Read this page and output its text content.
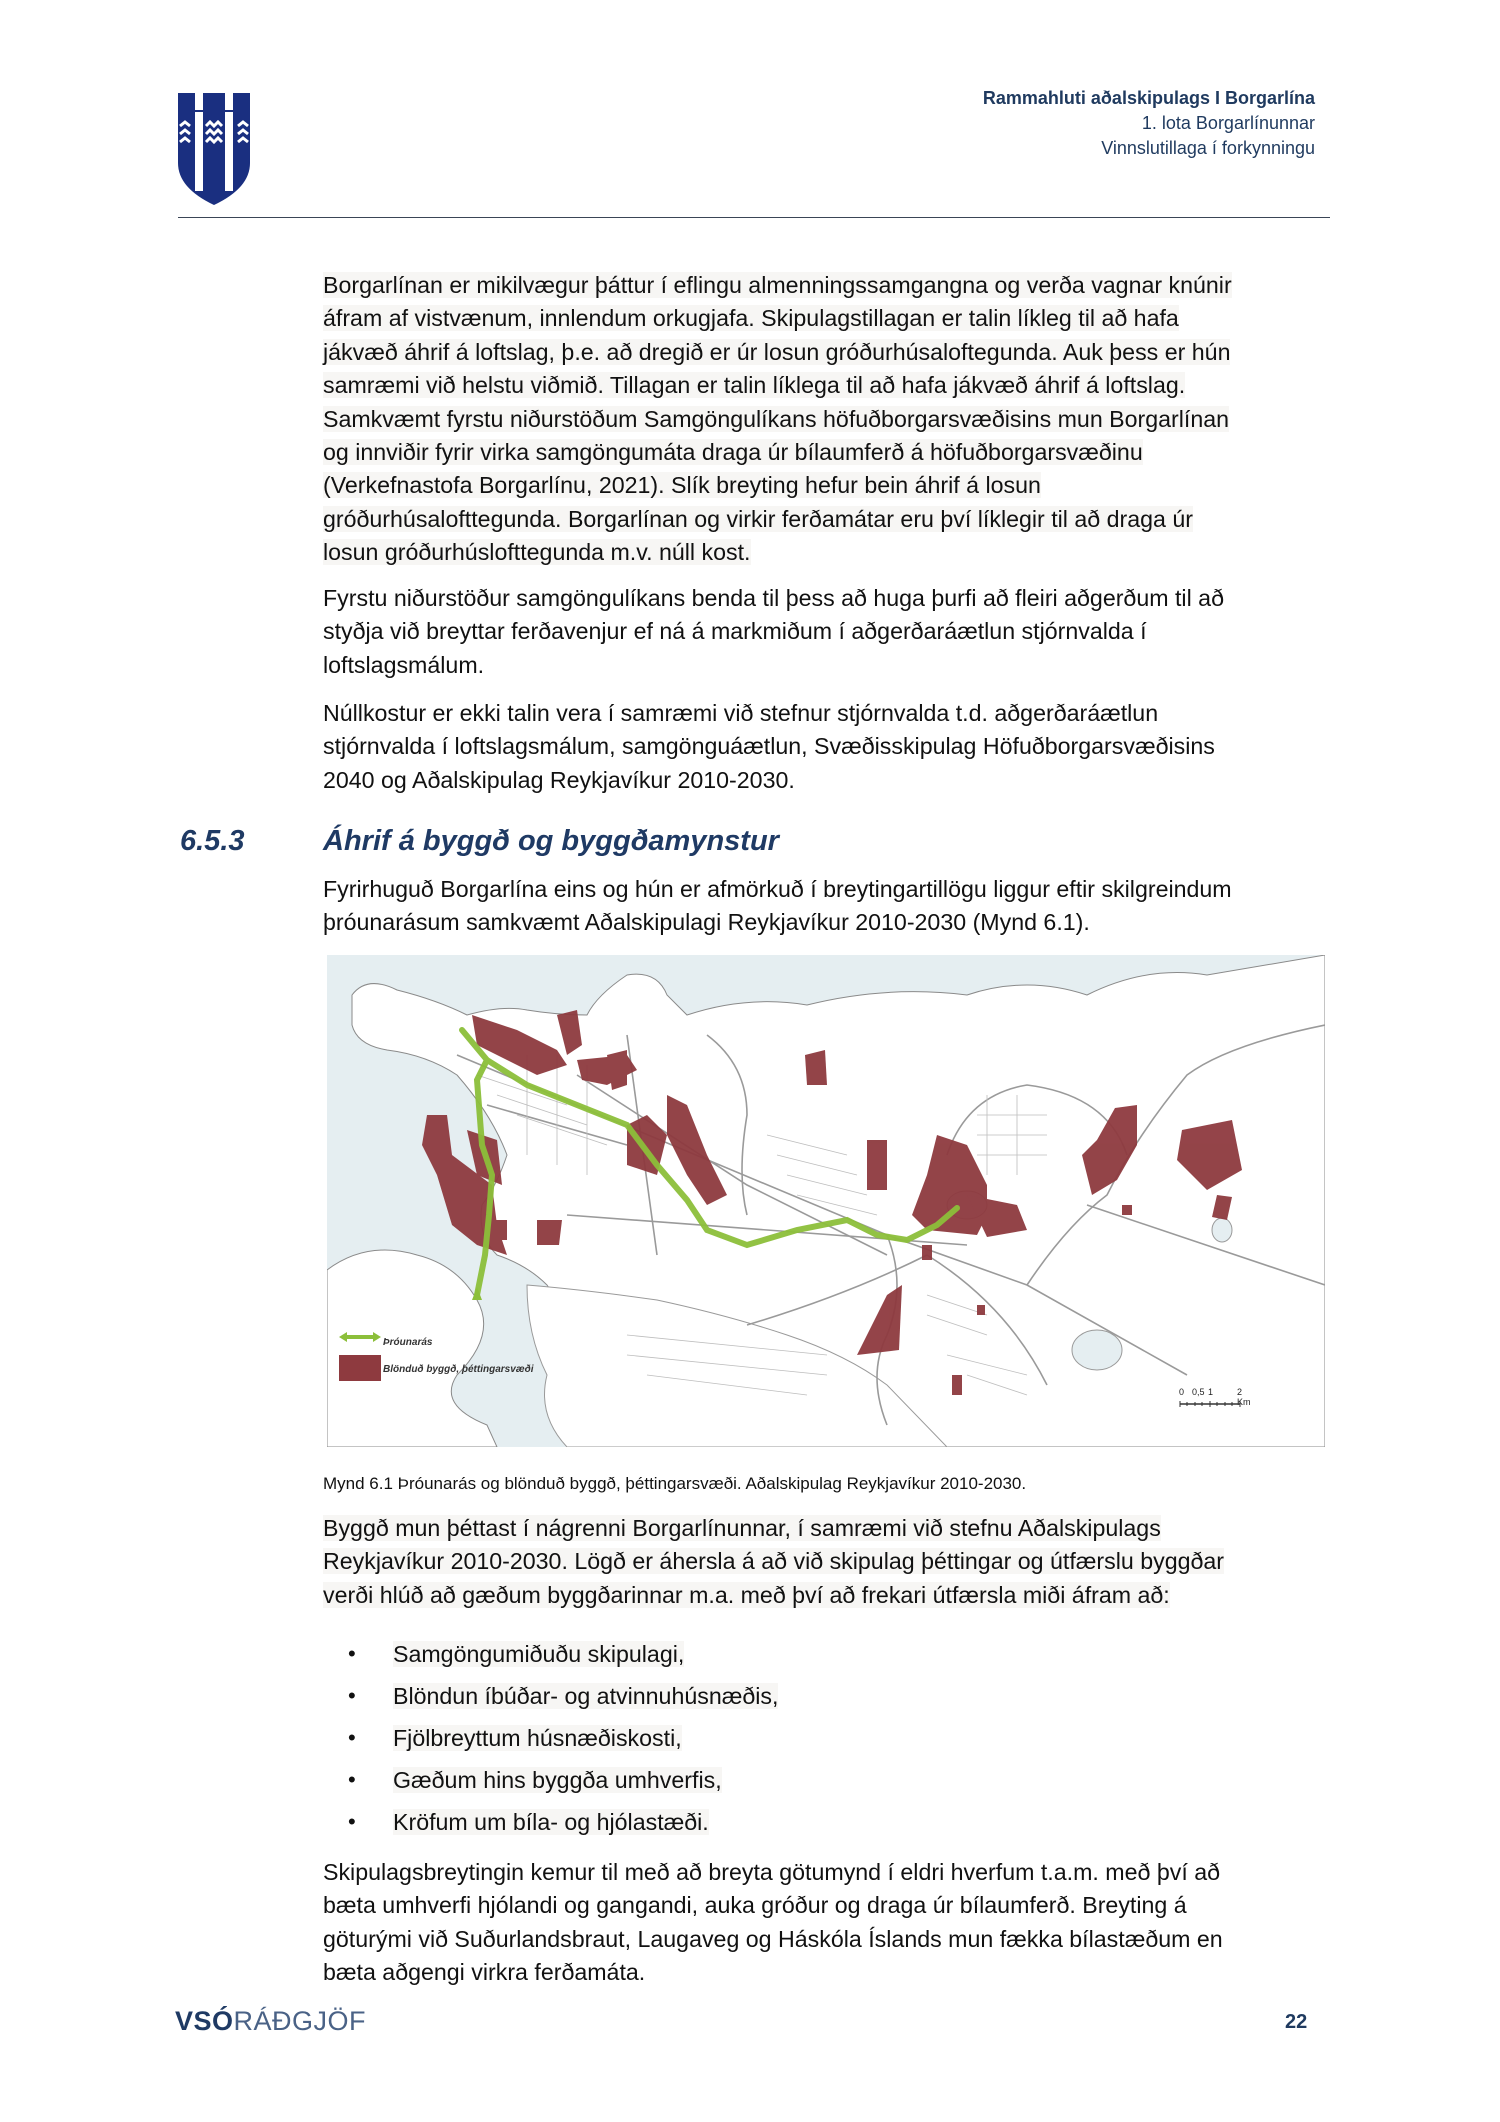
Rammahluti aðalskipulags I Borgarlína
1. lota Borgarlínunnar
Vinnslutillaga í forkynningu

Borgarlínan er mikilvægur þáttur í eflingu almenningssamgangna og verða vagnar knúnir

áfram af vistvænum, innlendum orkugjafa. Skipulagstillagan er talin líkleg til að hafa

jákvæð áhrif á loftslag, þ.e. að dregið er úr losun gróðurhúsaloftegunda. Auk þess er hún

samræmi við helstu viðmið. Tillagan er talin líklega til að hafa jákvæð áhrif á loftslag.

Samkvæmt fyrstu niðurstöðum Samgöngulíkans höfuðborgarsvæðisins mun Borgarlínan

og innviðir fyrir virka samgöngumáta draga úr bílaumferð á höfuðborgarsvæðinu

(Verkefnastofa Borgarlínu, 2021). Slík breyting hefur bein áhrif á losun

gróðurhúsalofttegunda. Borgarlínan og virkir ferðamátar eru því líklegir til að draga úr

losun gróðurhúslofttegunda m.v. núll kost.

Fyrstu niðurstöður samgöngulíkans benda til þess að huga þurfi að fleiri aðgerðum til að

styðja við breyttar ferðavenjur ef ná á markmiðum í aðgerðaráætlun stjórnvalda í

loftslagsmálum.

Núllkostur er ekki talin vera í samræmi við stefnur stjórnvalda t.d. aðgerðaráætlun

stjórnvalda í loftslagsmálum, samgönguáætlun, Svæðisskipulag Höfuðborgarsvæðisins

2040 og Aðalskipulag Reykjavíkur 2010-2030.

6.5.3	Áhrif á byggð og byggðamynstur

Fyrirhuguð Borgarlína eins og hún er afmörkuð í breytingartillögu liggur eftir skilgreindum

þróunarásum samkvæmt Aðalskipulagi Reykjavíkur 2010-2030 (Mynd 6.1).

Þróunarás
Blönduð byggð, þéttingarsvæði
0 0,5 1	2 Km
Mynd 6.1 Þróunarás og blönduð byggð, þéttingarsvæði. Aðalskipulag Reykjavíkur 2010-2030.

Byggð mun þéttast í nágrenni Borgarlínunnar, í samræmi við stefnu Aðalskipulags

Reykjavíkur 2010-2030. Lögð er áhersla á að við skipulag þéttingar og útfærslu byggðar

verði hlúð að gæðum byggðarinnar m.a. með því að frekari útfærsla miði áfram að:

• Samgöngumiðuðu skipulagi,
• Blöndun íbúðar- og atvinnuhúsnæðis,
• Fjölbreyttum húsnæðiskosti,
• Gæðum hins byggða umhverfis,
• Kröfum um bíla- og hjólastæði.

Skipulagsbreytingin kemur til með að breyta götumynd í eldri hverfum t.a.m. með því að

bæta umhverfi hjólandi og gangandi, auka gróður og draga úr bílaumferð. Breyting á

göturými við Suðurlandsbraut, Laugaveg og Háskóla Íslands mun fækka bílastæðum en

bæta aðgengi virkra ferðamáta.

VSÓRÁÐGJÖF	22
